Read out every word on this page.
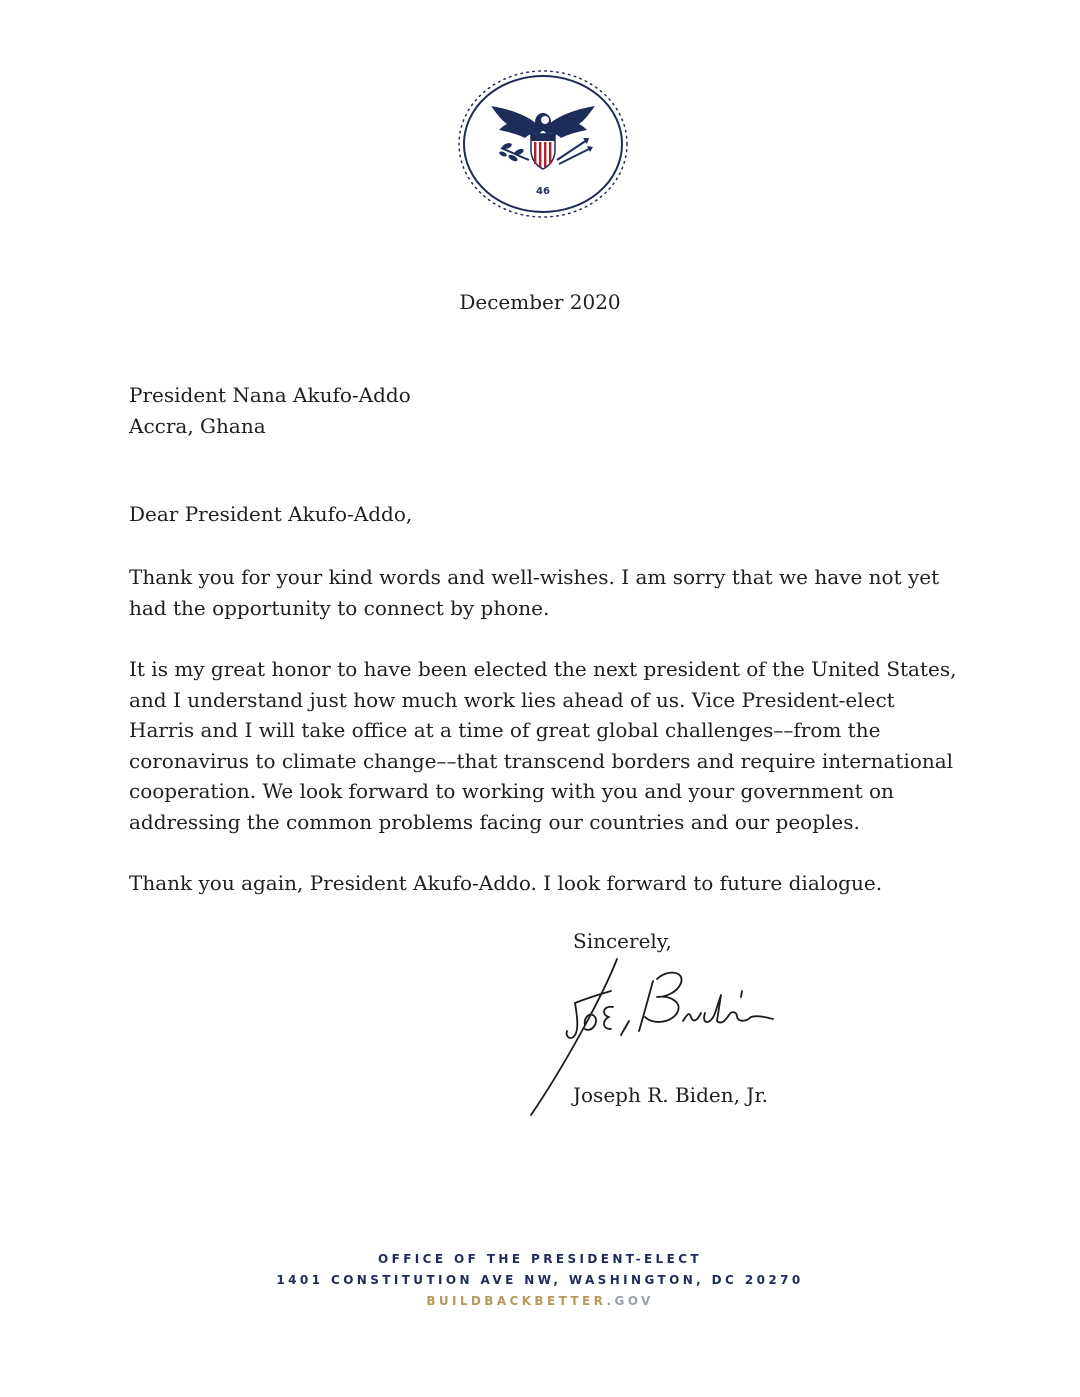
46
December 2020
President Nana Akufo-Addo
Accra, Ghana
Dear President Akufo-Addo,

Thank you for your kind words and well-wishes. I am sorry that we have not yet had the opportunity to connect by phone.

It is my great honor to have been elected the next president of the United States, and I understand just how much work lies ahead of us. Vice President-elect Harris and I will take office at a time of great global challenges––from the coronavirus to climate change––that transcend borders and require international cooperation. We look forward to working with you and your government on addressing the common problems facing our countries and our peoples.

Thank you again, President Akufo-Addo. I look forward to future dialogue.

Sincerely,
Joseph R. Biden, Jr.
OFFICE OF THE PRESIDENT-ELECT
1401 CONSTITUTION AVE NW, WASHINGTON, DC 20270
BUILDBACKBETTER.GOV
